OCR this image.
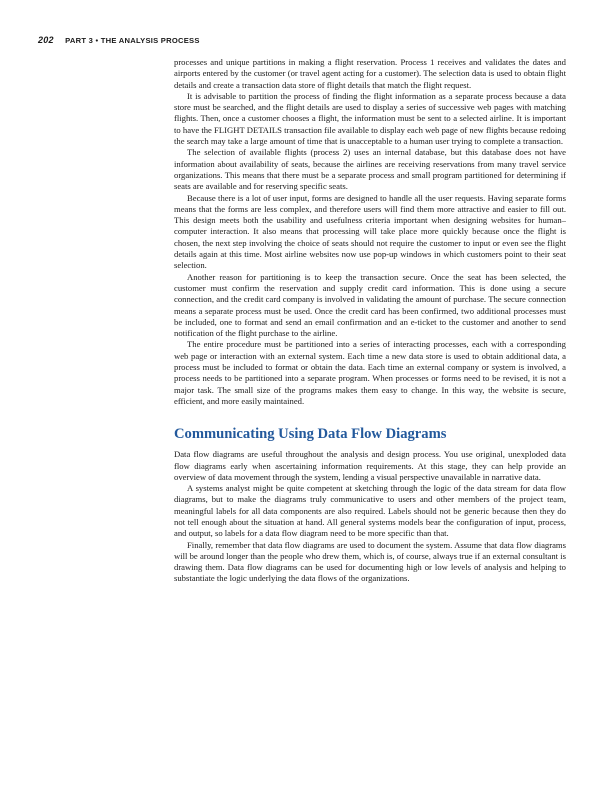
202 PART 3 • THE ANALYSIS PROCESS

processes and unique partitions in making a flight reservation. Process 1 receives and validates the dates and airports entered by the customer (or travel agent acting for a customer). The selection data is used to obtain flight details and create a transaction data store of flight details that match the flight request.

It is advisable to partition the process of finding the flight information as a separate process because a data store must be searched, and the flight details are used to display a series of successive web pages with matching flights. Then, once a customer chooses a flight, the information must be sent to a selected airline. It is important to have the FLIGHT DETAILS transaction file available to display each web page of new flights because redoing the search may take a large amount of time that is unacceptable to a human user trying to complete a transaction.

The selection of available flights (process 2) uses an internal database, but this database does not have information about availability of seats, because the airlines are receiving reservations from many travel service organizations. This means that there must be a separate process and small program partitioned for determining if seats are available and for reserving specific seats.

Because there is a lot of user input, forms are designed to handle all the user requests. Having separate forms means that the forms are less complex, and therefore users will find them more attractive and easier to fill out. This design meets both the usability and usefulness criteria important when designing websites for human–computer interaction. It also means that processing will take place more quickly because once the flight is chosen, the next step involving the choice of seats should not require the customer to input or even see the flight details again at this time. Most airline websites now use pop-up windows in which customers point to their seat selection.

Another reason for partitioning is to keep the transaction secure. Once the seat has been selected, the customer must confirm the reservation and supply credit card information. This is done using a secure connection, and the credit card company is involved in validating the amount of purchase. The secure connection means a separate process must be used. Once the credit card has been confirmed, two additional processes must be included, one to format and send an email confirmation and an e-ticket to the customer and another to send notification of the flight purchase to the airline.

The entire procedure must be partitioned into a series of interacting processes, each with a corresponding web page or interaction with an external system. Each time a new data store is used to obtain additional data, a process must be included to format or obtain the data. Each time an external company or system is involved, a process needs to be partitioned into a separate program. When processes or forms need to be revised, it is not a major task. The small size of the programs makes them easy to change. In this way, the website is secure, efficient, and more easily maintained.

Communicating Using Data Flow Diagrams

Data flow diagrams are useful throughout the analysis and design process. You use original, unexploded data flow diagrams early when ascertaining information requirements. At this stage, they can help provide an overview of data movement through the system, lending a visual perspective unavailable in narrative data.

A systems analyst might be quite competent at sketching through the logic of the data stream for data flow diagrams, but to make the diagrams truly communicative to users and other members of the project team, meaningful labels for all data components are also required. Labels should not be generic because then they do not tell enough about the situation at hand. All general systems models bear the configuration of input, process, and output, so labels for a data flow diagram need to be more specific than that.

Finally, remember that data flow diagrams are used to document the system. Assume that data flow diagrams will be around longer than the people who drew them, which is, of course, always true if an external consultant is drawing them. Data flow diagrams can be used for documenting high or low levels of analysis and helping to substantiate the logic underlying the data flows of the organizations.
